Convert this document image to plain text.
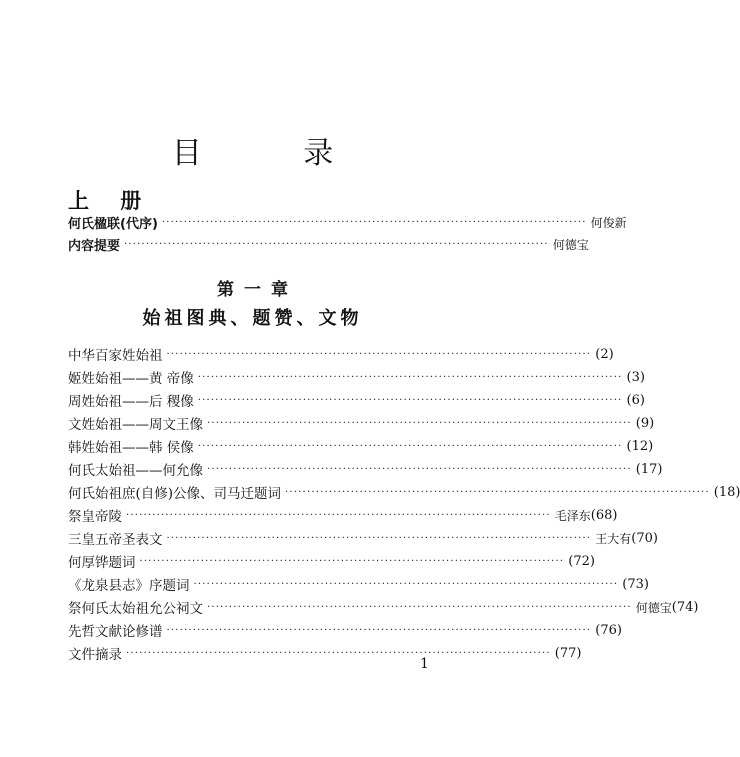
目 录
上 册
何氏楹联(代序) ································································································· 何俊新
内容提要 ································································································· 何德宝
第一章
始祖图典、题赞、文物
中华百家姓始祖 ································································································· (2)
姬姓始祖——黄 帝像 ································································································· (3)
周姓始祖——后 稷像 ································································································· (6)
文姓始祖——周文王像 ································································································· (9)
韩姓始祖——韩 侯像 ································································································· (12)
何氏太始祖——何允像 ································································································· (17)
何氏始祖庶(自修)公像、司马迁题词 ································································································· (18)
祭皇帝陵 ································································································· 毛泽东 (68)
三皇五帝圣表文 ································································································· 王大有 (70)
何厚铧题词 ································································································· (72)
《龙泉县志》序题词 ································································································· (73)
祭何氏太始祖允公祠文 ································································································· 何德宝 (74)
先哲文献论修谱 ································································································· (76)
文件摘录 ································································································· (77)
1
